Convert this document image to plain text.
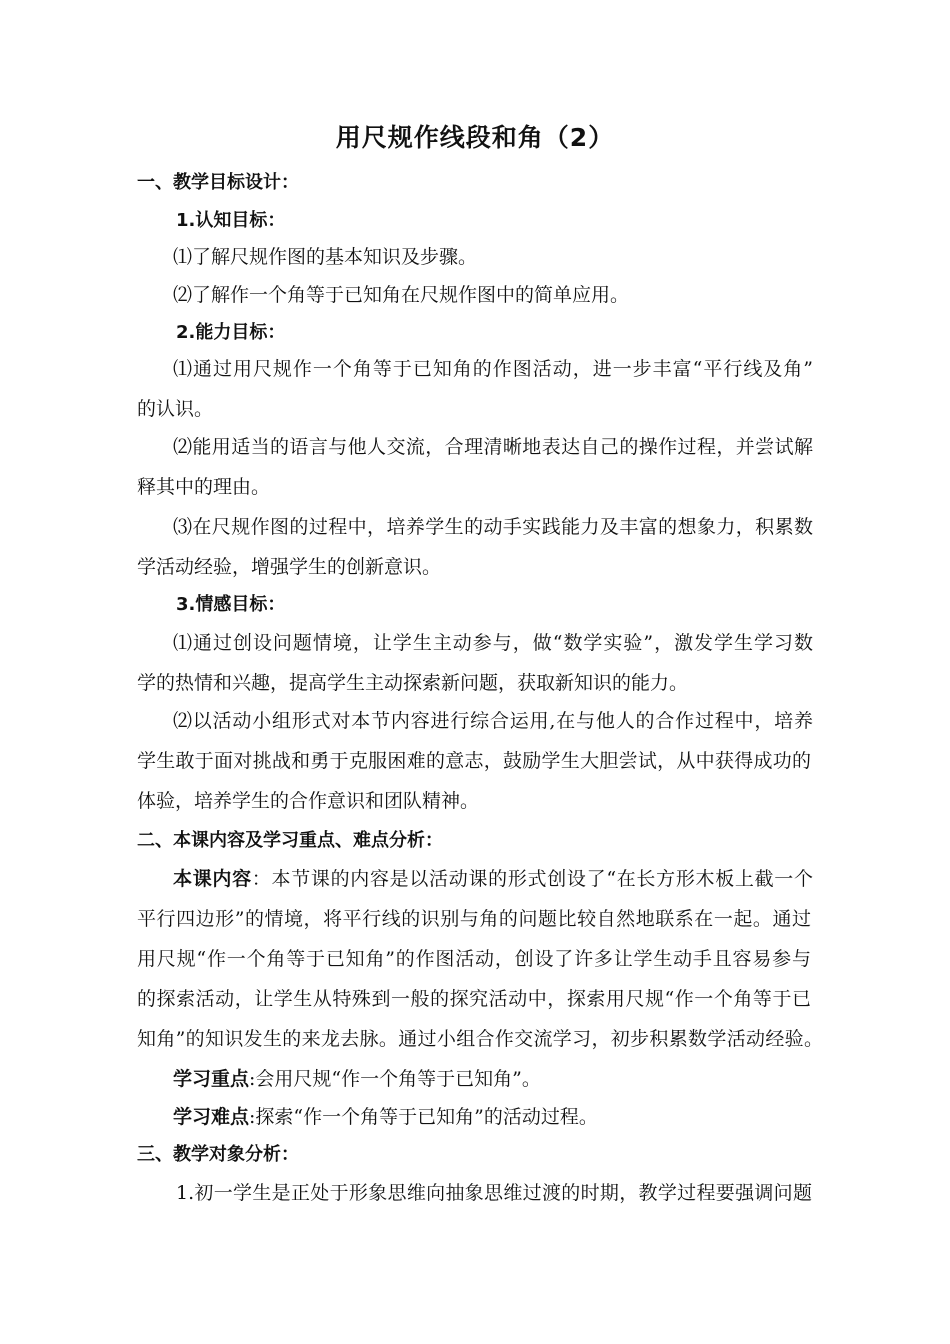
用尺规作线段和角（2）
一、教学目标设计：
1.认知目标：
⑴了解尺规作图的基本知识及步骤。
⑵了解作一个角等于已知角在尺规作图中的简单应用。
2.能力目标：
⑴通过用尺规作一个角等于已知角的作图活动，进一步丰富“平行线及角”
的认识。
⑵能用适当的语言与他人交流，合理清晰地表达自己的操作过程，并尝试解
释其中的理由。
⑶在尺规作图的过程中，培养学生的动手实践能力及丰富的想象力，积累数
学活动经验，增强学生的创新意识。
3.情感目标：
⑴通过创设问题情境，让学生主动参与，做“数学实验”，激发学生学习数
学的热情和兴趣，提高学生主动探索新问题，获取新知识的能力。
⑵以活动小组形式对本节内容进行综合运用,在与他人的合作过程中，培养
学生敢于面对挑战和勇于克服困难的意志，鼓励学生大胆尝试，从中获得成功的
体验，培养学生的合作意识和团队精神。
二、本课内容及学习重点、难点分析：
本课内容：本节课的内容是以活动课的形式创设了“在长方形木板上截一个
平行四边形”的情境，将平行线的识别与角的问题比较自然地联系在一起。通过
用尺规“作一个角等于已知角”的作图活动，创设了许多让学生动手且容易参与
的探索活动，让学生从特殊到一般的探究活动中，探索用尺规“作一个角等于已
知角”的知识发生的来龙去脉。通过小组合作交流学习，初步积累数学活动经验。
学习重点:会用尺规“作一个角等于已知角”。
学习难点:探索“作一个角等于已知角”的活动过程。
三、教学对象分析：
1.初一学生是正处于形象思维向抽象思维过渡的时期，教学过程要强调问题
